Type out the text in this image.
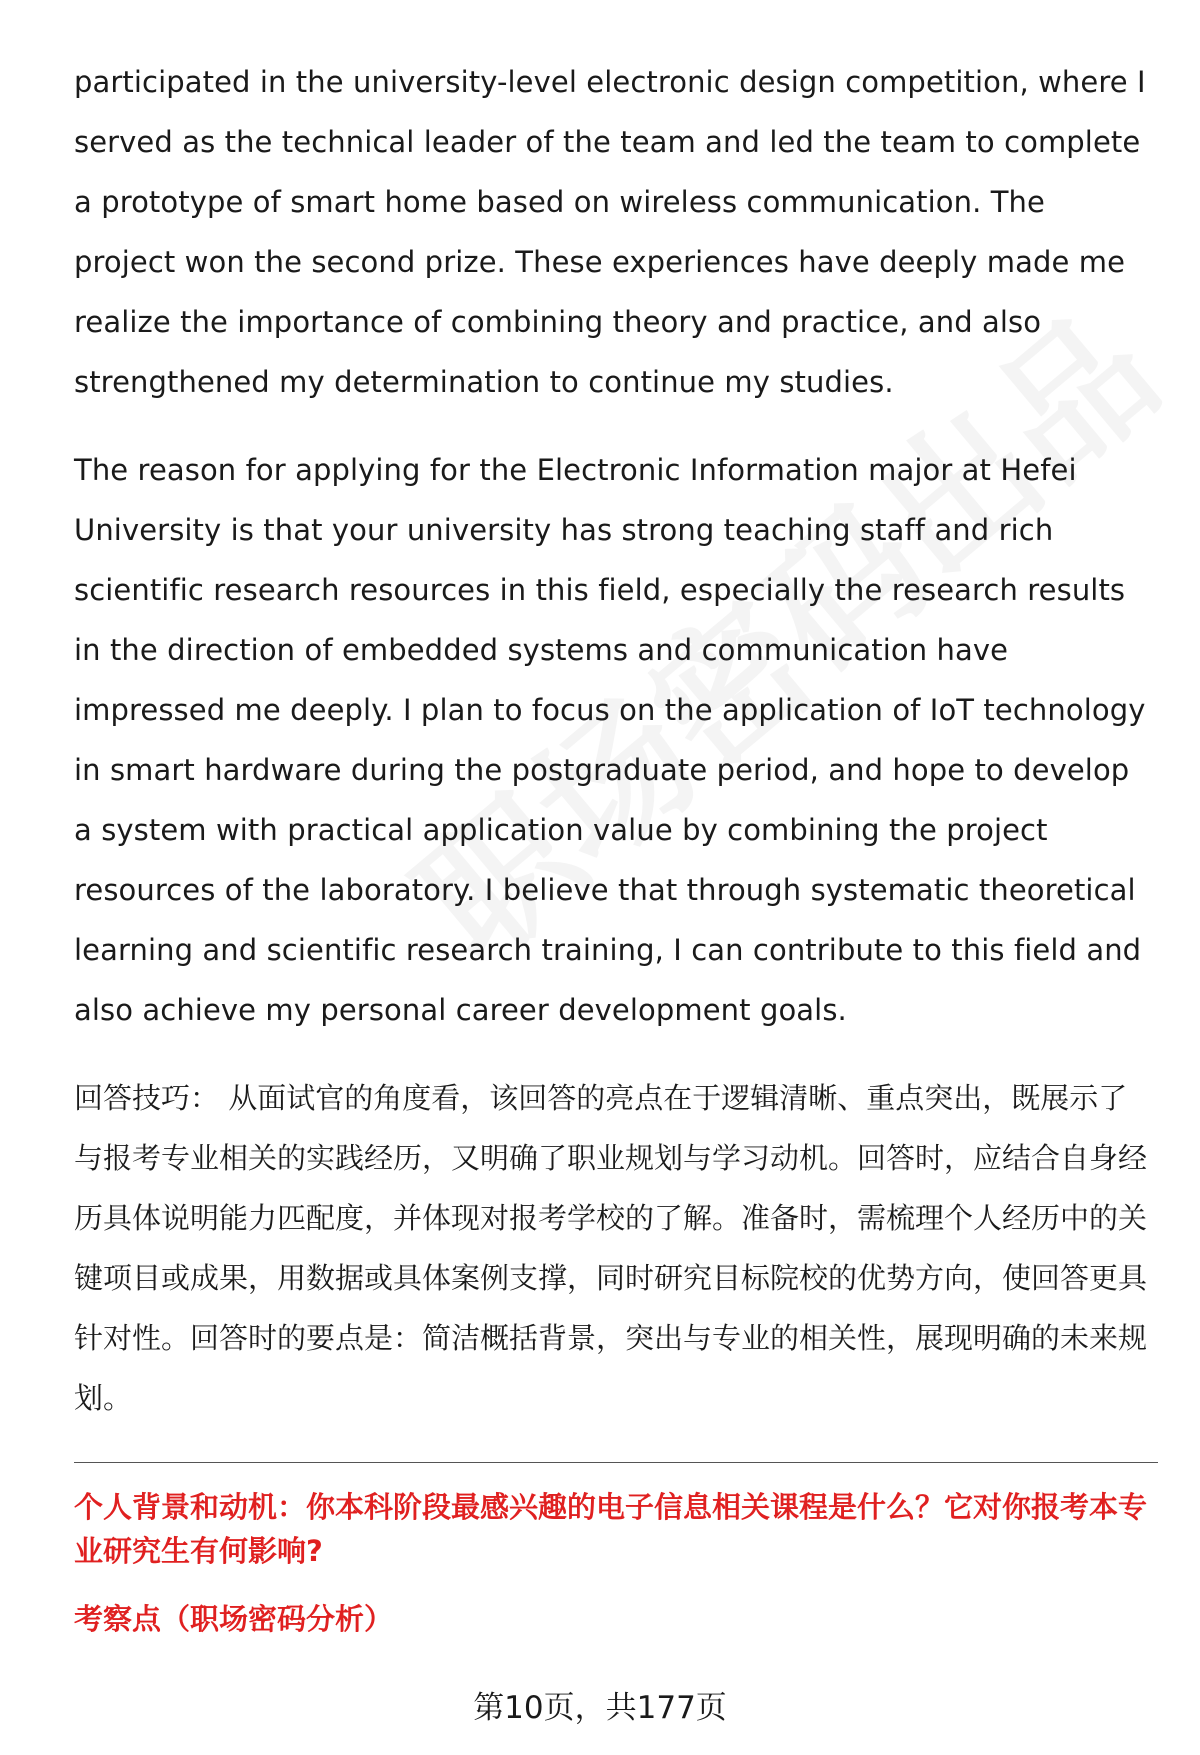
participated in the university-level electronic design competition, where I served as the technical leader of the team and led the team to complete a prototype of smart home based on wireless communication. The project won the second prize. These experiences have deeply made me realize the importance of combining theory and practice, and also strengthened my determination to continue my studies.

The reason for applying for the Electronic Information major at Hefei University is that your university has strong teaching staff and rich scientific research resources in this field, especially the research results in the direction of embedded systems and communication have impressed me deeply. I plan to focus on the application of IoT technology in smart hardware during the postgraduate period, and hope to develop a system with practical application value by combining the project resources of the laboratory. I believe that through systematic theoretical learning and scientific research training, I can contribute to this field and also achieve my personal career development goals.

回答技巧： 从面试官的角度看，该回答的亮点在于逻辑清晰、重点突出，既展示了与报考专业相关的实践经历，又明确了职业规划与学习动机。回答时，应结合自身经历具体说明能力匹配度，并体现对报考学校的了解。准备时，需梳理个人经历中的关键项目或成果，用数据或具体案例支撑，同时研究目标院校的优势方向，使回答更具针对性。回答时的要点是：简洁概括背景，突出与专业的相关性，展现明确的未来规划。

个人背景和动机：你本科阶段最感兴趣的电子信息相关课程是什么？它对你报考本专业研究生有何影响?

考察点（职场密码分析）

第10页，共177页
